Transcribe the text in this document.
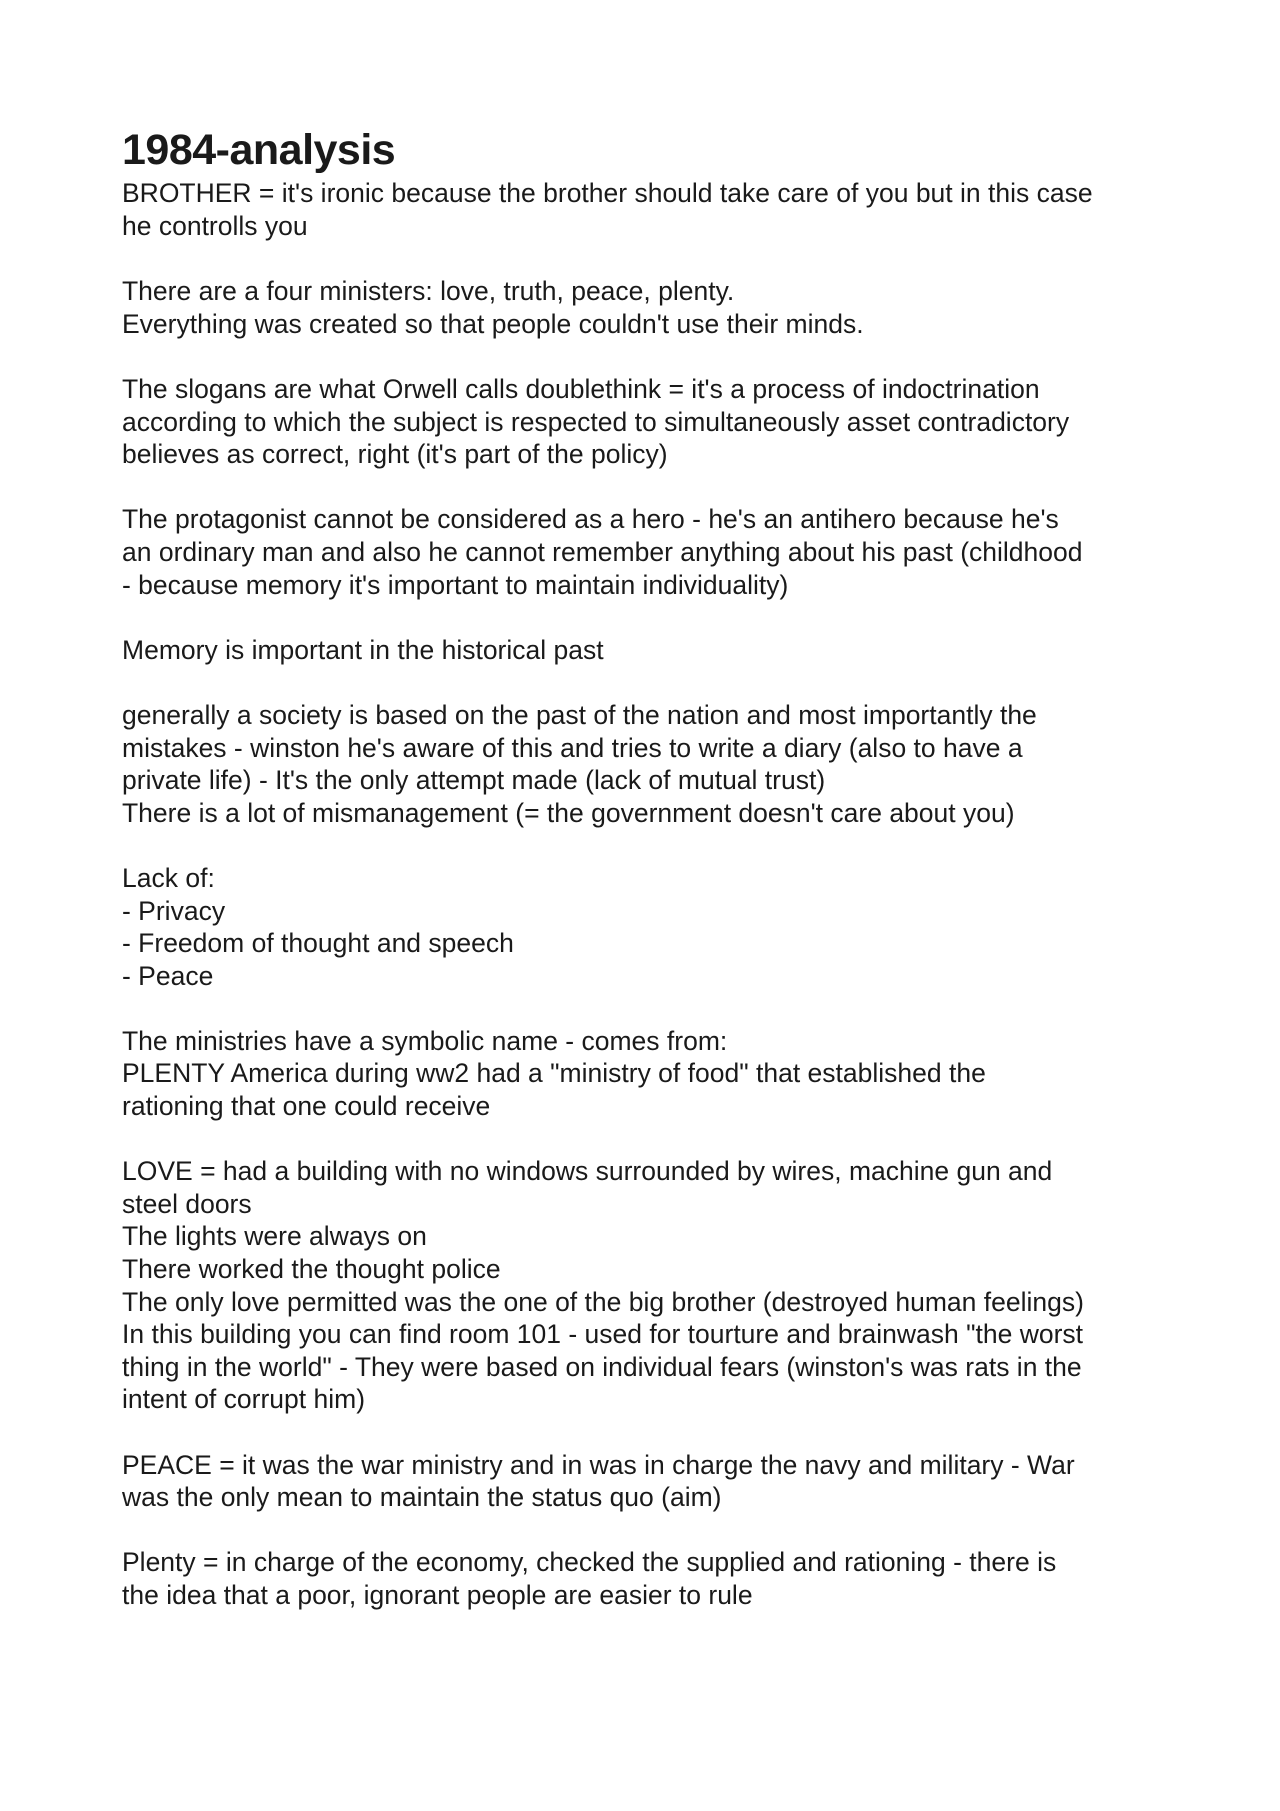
1984-analysis
BROTHER = it's ironic because the brother should take care of you but in this case
he controlls you
There are a four ministers: love, truth, peace, plenty.
Everything was created so that people couldn't use their minds.
The slogans are what Orwell calls doublethink = it's a process of indoctrination
according to which the subject is respected to simultaneously asset contradictory
believes as correct, right (it's part of the policy)
The protagonist cannot be considered as a hero - he's an antihero because he's
an ordinary man and also he cannot remember anything about his past (childhood
- because memory it's important to maintain individuality)
Memory is important in the historical past
generally a society is based on the past of the nation and most importantly the
mistakes - winston he's aware of this and tries to write a diary (also to have a
private life) - It's the only attempt made (lack of mutual trust)
There is a lot of mismanagement (= the government doesn't care about you)
Lack of:
- Privacy
- Freedom of thought and speech
- Peace
The ministries have a symbolic name - comes from:
PLENTY America during ww2 had a "ministry of food" that established the
rationing that one could receive
LOVE = had a building with no windows surrounded by wires, machine gun and
steel doors
The lights were always on
There worked the thought police
The only love permitted was the one of the big brother (destroyed human feelings)
In this building you can find room 101 - used for tourture and brainwash "the worst
thing in the world" - They were based on individual fears (winston's was rats in the
intent of corrupt him)
PEACE = it was the war ministry and in was in charge the navy and military - War
was the only mean to maintain the status quo (aim)
Plenty = in charge of the economy, checked the supplied and rationing - there is
the idea that a poor, ignorant people are easier to rule
